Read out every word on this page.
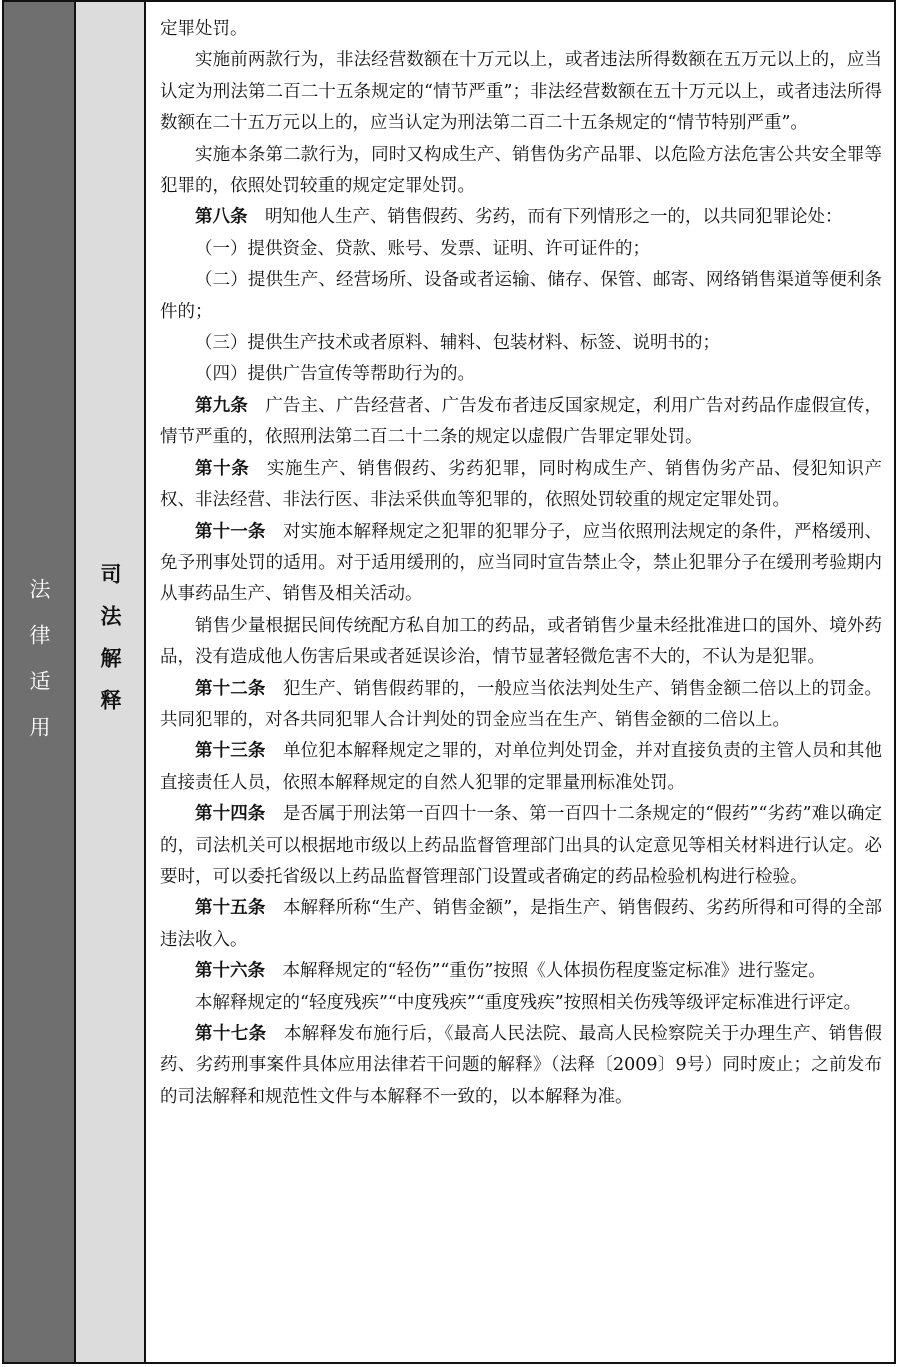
法律适用 司法解释

定罪处罚。

实施前两款行为，非法经营数额在十万元以上，或者违法所得数额在五万元以上的，应当认定为刑法第二百二十五条规定的“情节严重”；非法经营数额在五十万元以上，或者违法所得数额在二十五万元以上的，应当认定为刑法第二百二十五条规定的“情节特别严重”。

实施本条第二款行为，同时又构成生产、销售伪劣产品罪、以危险方法危害公共安全罪等犯罪的，依照处罚较重的规定定罪处罚。

第八条 明知他人生产、销售假药、劣药，而有下列情形之一的，以共同犯罪论处：

（一）提供资金、贷款、账号、发票、证明、许可证件的；

（二）提供生产、经营场所、设备或者运输、储存、保管、邮寄、网络销售渠道等便利条件的；

（三）提供生产技术或者原料、辅料、包装材料、标签、说明书的；

（四）提供广告宣传等帮助行为的。

第九条 广告主、广告经营者、广告发布者违反国家规定，利用广告对药品作虚假宣传，情节严重的，依照刑法第二百二十二条的规定以虚假广告罪定罪处罚。

第十条 实施生产、销售假药、劣药犯罪，同时构成生产、销售伪劣产品、侵犯知识产权、非法经营、非法行医、非法采供血等犯罪的，依照处罚较重的规定定罪处罚。

第十一条 对实施本解释规定之犯罪的犯罪分子，应当依照刑法规定的条件，严格缓刑、免予刑事处罚的适用。对于适用缓刑的，应当同时宣告禁止令，禁止犯罪分子在缓刑考验期内从事药品生产、销售及相关活动。

销售少量根据民间传统配方私自加工的药品，或者销售少量未经批准进口的国外、境外药品，没有造成他人伤害后果或者延误诊治，情节显著轻微危害不大的，不认为是犯罪。

第十二条 犯生产、销售假药罪的，一般应当依法判处生产、销售金额二倍以上的罚金。共同犯罪的，对各共同犯罪人合计判处的罚金应当在生产、销售金额的二倍以上。

第十三条 单位犯本解释规定之罪的，对单位判处罚金，并对直接负责的主管人员和其他直接责任人员，依照本解释规定的自然人犯罪的定罪量刑标准处罚。

第十四条 是否属于刑法第一百四十一条、第一百四十二条规定的“假药”“劣药”难以确定的，司法机关可以根据地市级以上药品监督管理部门出具的认定意见等相关材料进行认定。必要时，可以委托省级以上药品监督管理部门设置或者确定的药品检验机构进行检验。

第十五条 本解释所称“生产、销售金额”，是指生产、销售假药、劣药所得和可得的全部违法收入。

第十六条 本解释规定的“轻伤”“重伤”按照《人体损伤程度鉴定标准》进行鉴定。

本解释规定的“轻度残疾”“中度残疾”“重度残疾”按照相关伤残等级评定标准进行评定。

第十七条 本解释发布施行后，《最高人民法院、最高人民检察院关于办理生产、销售假药、劣药刑事案件具体应用法律若干问题的解释》（法释〔2009〕9号）同时废止；之前发布的司法解释和规范性文件与本解释不一致的，以本解释为准。
